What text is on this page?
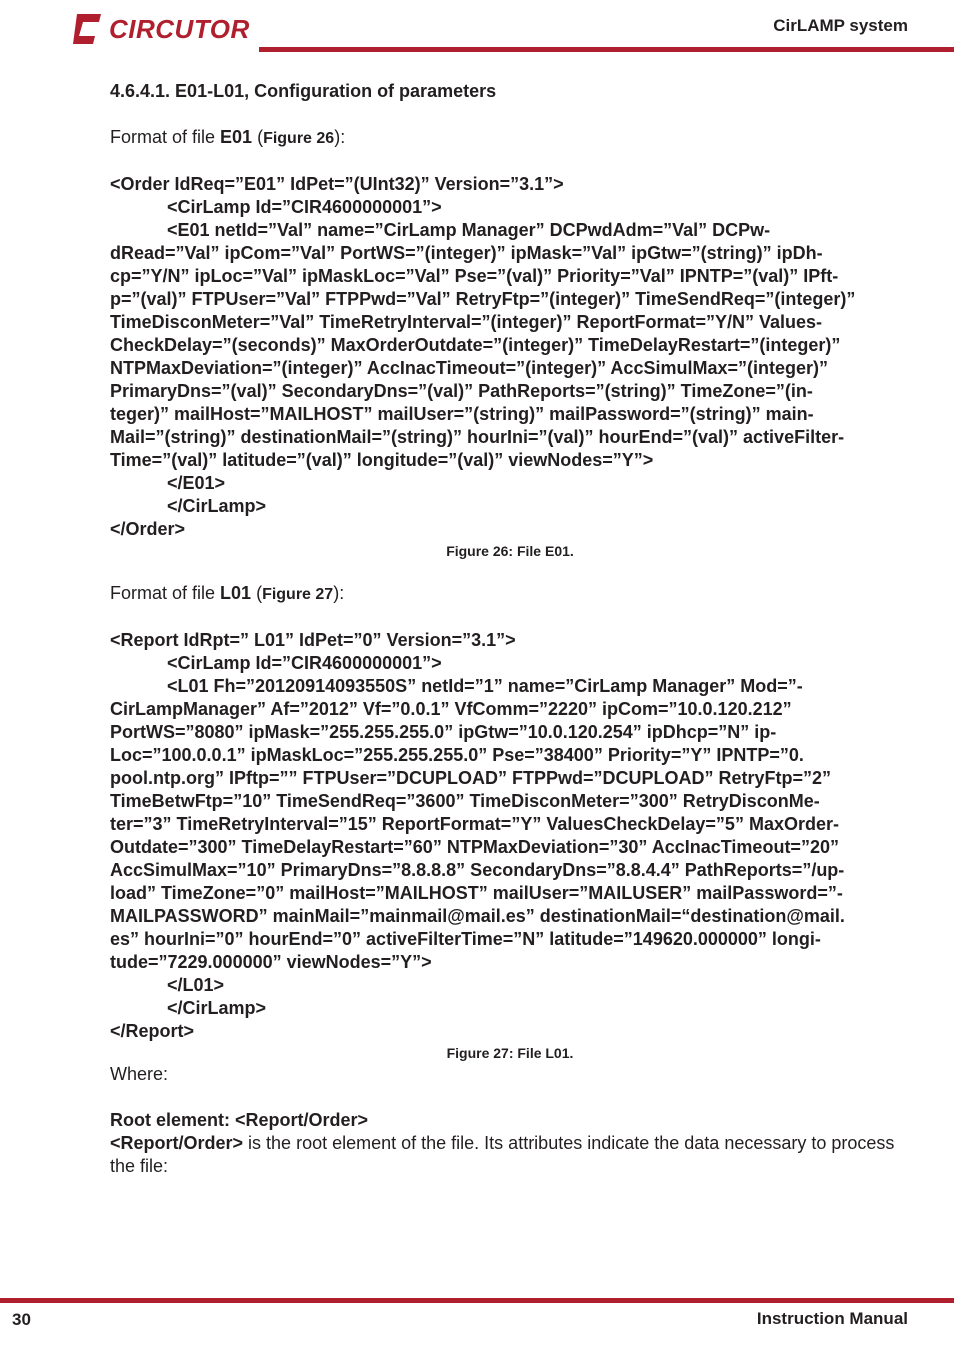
CIRCUTOR	CirLAMP system

4.6.4.1. E01-L01, Configuration of parameters

Format of file E01 (Figure 26):

<Order IdReq=”E01” IdPet=”(UInt32)” Version=”3.1”>

<CirLamp Id=”CIR4600000001”>

<E01 netId=”Val” name=”CirLamp Manager” DCPwdAdm=”Val” DCPw-

dRead=”Val” ipCom=”Val” PortWS=”(integer)” ipMask=”Val” ipGtw=”(string)” ipDh-

cp=”Y/N” ipLoc=”Val” ipMaskLoc=”Val” Pse=”(val)” Priority=”Val” IPNTP=”(val)” IPft-

p=”(val)” FTPUser=”Val” FTPPwd=”Val” RetryFtp=”(integer)” TimeSendReq=”(integer)”

TimeDisconMeter=”Val” TimeRetryInterval=”(integer)” ReportFormat=”Y/N” Values-

CheckDelay=”(seconds)” MaxOrderOutdate=”(integer)” TimeDelayRestart=”(integer)”

NTPMaxDeviation=”(integer)” AccInacTimeout=”(integer)” AccSimulMax=”(integer)”

PrimaryDns=”(val)” SecondaryDns=”(val)” PathReports=”(string)” TimeZone=”(in-

teger)” mailHost=”MAILHOST” mailUser=”(string)” mailPassword=”(string)” main-

Mail=”(string)” destinationMail=”(string)” hourIni=”(val)” hourEnd=”(val)” activeFilter-

Time=”(val)” latitude=”(val)” longitude=”(val)” viewNodes=”Y”>

</E01>

</CirLamp>

</Order>

Figure 26: File E01.

Format of file L01 (Figure 27):

<Report IdRpt=” L01” IdPet=”0” Version=”3.1”>

<CirLamp Id=”CIR4600000001”>

<L01 Fh=”20120914093550S” netId=”1” name=”CirLamp Manager” Mod=”-

CirLampManager” Af=”2012” Vf=”0.0.1” VfComm=”2220” ipCom=”10.0.120.212”

PortWS=”8080” ipMask=”255.255.255.0” ipGtw=”10.0.120.254” ipDhcp=”N” ip-

Loc=”100.0.0.1” ipMaskLoc=”255.255.255.0” Pse=”38400” Priority=”Y” IPNTP=”0.

pool.ntp.org” IPftp=”” FTPUser=”DCUPLOAD” FTPPwd=”DCUPLOAD” RetryFtp=”2”

TimeBetwFtp=”10” TimeSendReq=”3600” TimeDisconMeter=”300” RetryDisconMe-

ter=”3” TimeRetryInterval=”15” ReportFormat=”Y” ValuesCheckDelay=”5” MaxOrder-

Outdate=”300” TimeDelayRestart=”60” NTPMaxDeviation=”30” AccInacTimeout=”20”

AccSimulMax=”10” PrimaryDns=”8.8.8.8” SecondaryDns=”8.8.4.4” PathReports=”/up-

load” TimeZone=”0” mailHost=”MAILHOST” mailUser=”MAILUSER” mailPassword=”-

MAILPASSWORD” mainMail=”mainmail@mail.es” destinationMail=“destination@mail.

es” hourIni=”0” hourEnd=”0” activeFilterTime=”N” latitude=”149620.000000” longi-

tude=”7229.000000” viewNodes=”Y”>

</L01>

</CirLamp>

</Report>

Figure 27: File L01.

Where:

Root element: <Report/Order>

<Report/Order> is the root element of the file. Its attributes indicate the data necessary to process the file:

30	Instruction Manual
